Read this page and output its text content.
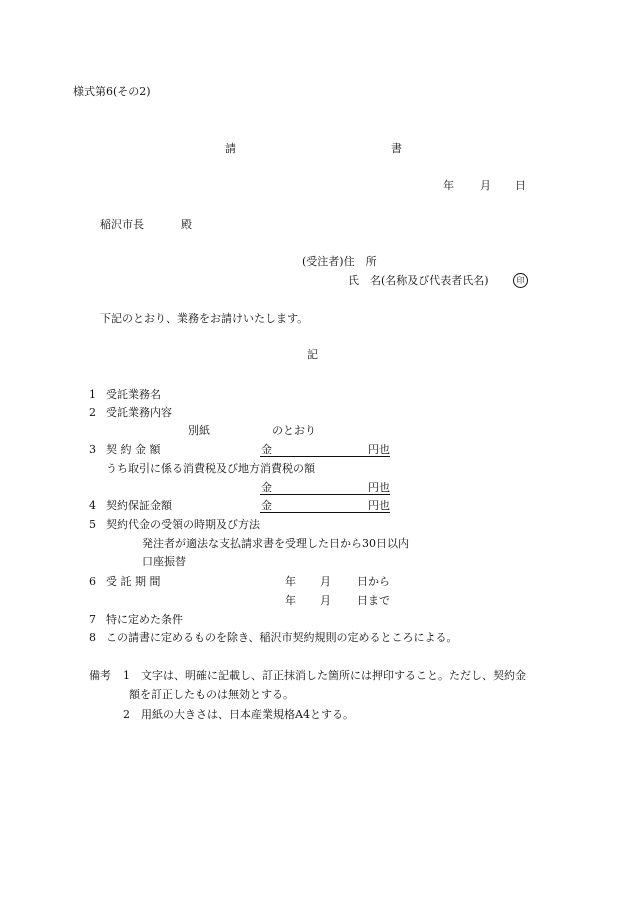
様式第6(その2)
請	書
年 月 日
稲沢市長	殿
(受注者)住　所
氏　名(名称及び代表者氏名)	印
下記のとおり、業務をお請けいたします。
記
1 受託業務名
2 受託業務内容
別紙	のとおり
3 契 約 金 額	金	円也
うち取引に係る消費税及び地方消費税の額
金	円也
4 契約保証金額	金	円也
5 契約代金の受領の時期及び方法
発注者が適法な支払請求書を受理した日から30日以内
口座振替
6 受 託 期 間	年 月 日から
年 月 日まで
7 特に定めた条件
8 この請書に定めるものを除き、稲沢市契約規則の定めるところによる。
備考 1 文字は、明確に記載し、訂正抹消した箇所には押印すること。ただし、契約金
額を訂正したものは無効とする。
2 用紙の大きさは、日本産業規格A4とする。
